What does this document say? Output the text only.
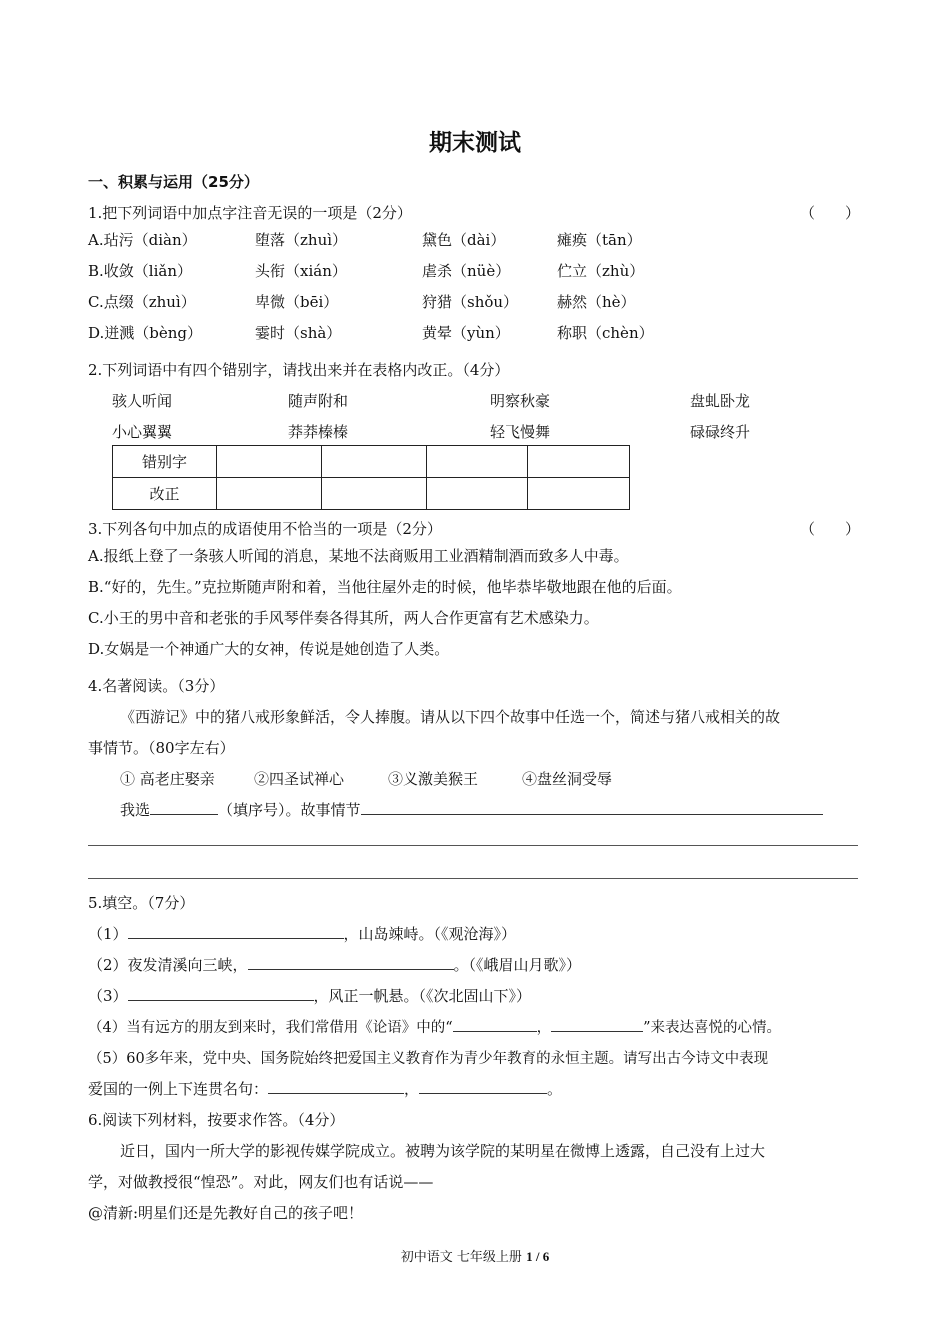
期末测试
一、积累与运用（25分）
1.把下列词语中加点字注音无误的一项是（2分）	（　　）
A.玷污（diàn）	堕落（zhuì）	黛色（dài）	瘫痪（tān）
B.收敛（liǎn）	头衔（xián）	虐杀（nüè）	伫立（zhù）
C.点缀（zhuì）	卑微（bēi）	狩猎（shǒu）	赫然（hè）
D.迸溅（bèng）	霎时（shà）	黄晕（yùn）	称职（chèn）
2.下列词语中有四个错别字，请找出来并在表格内改正。（4分）
骇人听闻	随声附和	明察秋豪	盘虬卧龙
小心翼翼	莽莽榛榛	轻飞慢舞	碌碌终升
错别字				
改正				
3.下列各句中加点的成语使用不恰当的一项是（2分）	（　　）
A.报纸上登了一条骇人听闻的消息，某地不法商贩用工业酒精制酒而致多人中毒。
B.“好的，先生。”克拉斯随声附和着，当他往屋外走的时候，他毕恭毕敬地跟在他的后面。
C.小王的男中音和老张的手风琴伴奏各得其所，两人合作更富有艺术感染力。
D.女娲是一个神通广大的女神，传说是她创造了人类。
4.名著阅读。（3分）
《西游记》中的猪八戒形象鲜活，令人捧腹。请从以下四个故事中任选一个，简述与猪八戒相关的故
事情节。（80字左右）
① 高老庄娶亲	②四圣试禅心	③义激美猴王	④盘丝洞受辱
我选	（填序号）。故事情节
5.填空。（7分）
（1）	，山岛竦峙。（《观沧海》）
（2）夜发清溪向三峡，	。（《峨眉山月歌》）
（3）	，风正一帆悬。（《次北固山下》）
（4）当有远方的朋友到来时，我们常借用《论语》中的“	，	”来表达喜悦的心情。
（5）60多年来，党中央、国务院始终把爱国主义教育作为青少年教育的永恒主题。请写出古今诗文中表现
爱国的一例上下连贯名句：	，	。
6.阅读下列材料，按要求作答。（4分）
近日，国内一所大学的影视传媒学院成立。被聘为该学院的某明星在微博上透露，自己没有上过大
学，对做教授很“惶恐”。对此，网友们也有话说——
@清新:明星们还是先教好自己的孩子吧！
初中语文 七年级上册 1 / 6
